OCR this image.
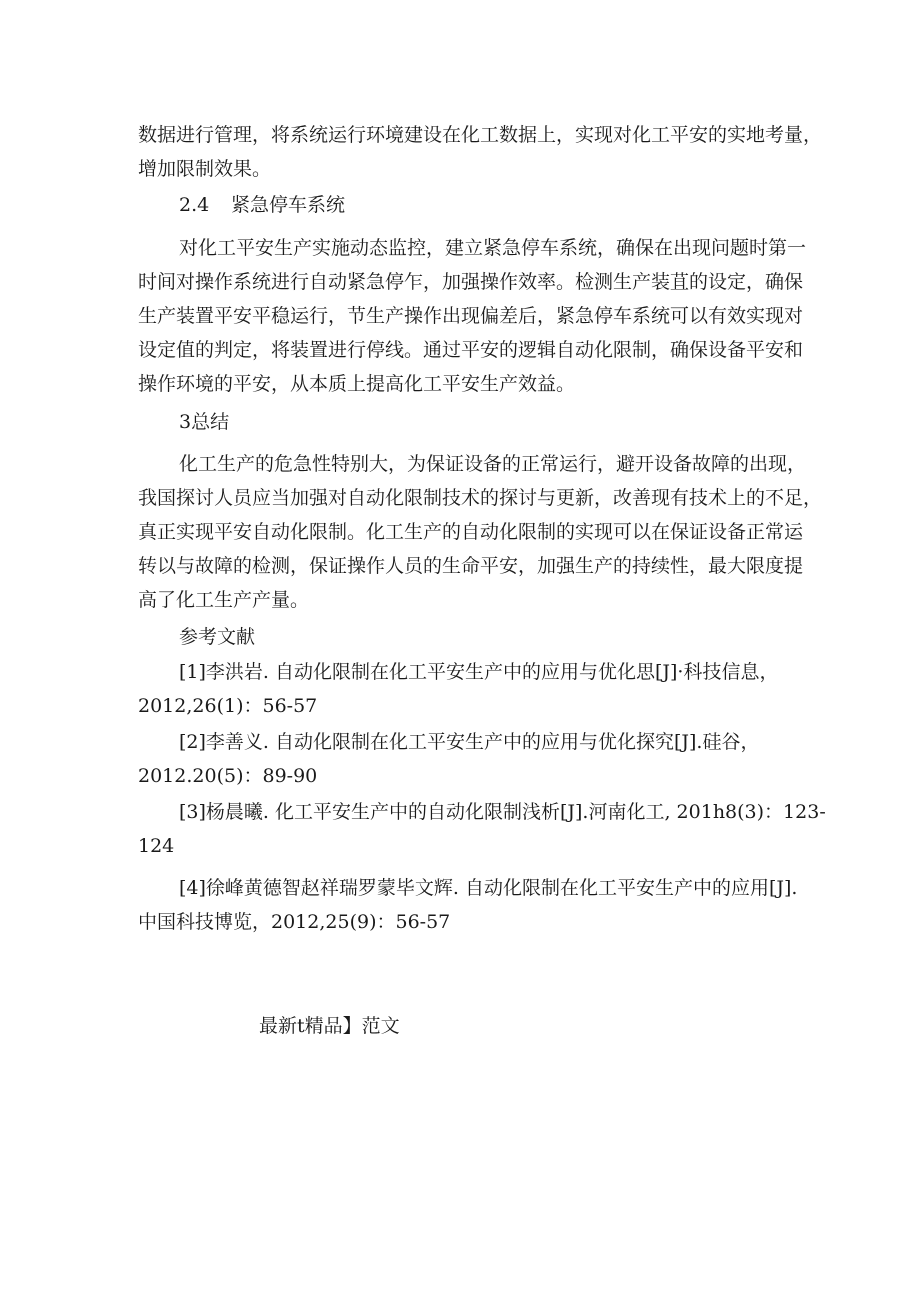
数据进行管理，将系统运行环境建设在化工数据上，实现对化工平安的实地考量，
增加限制效果。
2.4 紧急停车系统
对化工平安生产实施动态监控，建立紧急停车系统，确保在出现问题时第一
时间对操作系统进行自动紧急停乍，加强操作效率。检测生产装苴的设定，确保
生产装置平安平稳运行，节生产操作出现偏差后，紧急停车系统可以有效实现对
设定值的判定，将装置进行停线。通过平安的逻辑自动化限制，确保设备平安和
操作环境的平安，从本质上提高化工平安生产效益。
3总结
化工生产的危急性特别大，为保证设备的正常运行，避开设备故障的出现，
我国探讨人员应当加强对自动化限制技术的探讨与更新，改善现有技术上的不足，
真正实现平安自动化限制。化工生产的自动化限制的实现可以在保证设备正常运
转以与故障的检测，保证操作人员的生命平安，加强生产的持续性，最大限度提
高了化工生产产量。
参考文献
[1]李洪岩. 自动化限制在化工平安生产中的应用与优化思[J]·科技信息，
2012,26(1)：56-57
[2]李善义. 自动化限制在化工平安生产中的应用与优化探究[J].硅谷，
2012.20(5)：89-90
[3]杨晨曦. 化工平安生产中的自动化限制浅析[J].河南化工, 201h8(3)：123-
124
[4]徐峰黄德智赵祥瑞罗蒙毕文辉. 自动化限制在化工平安生产中的应用[J].
中国科技博览，2012,25(9)：56-57
最新t精品】范文
